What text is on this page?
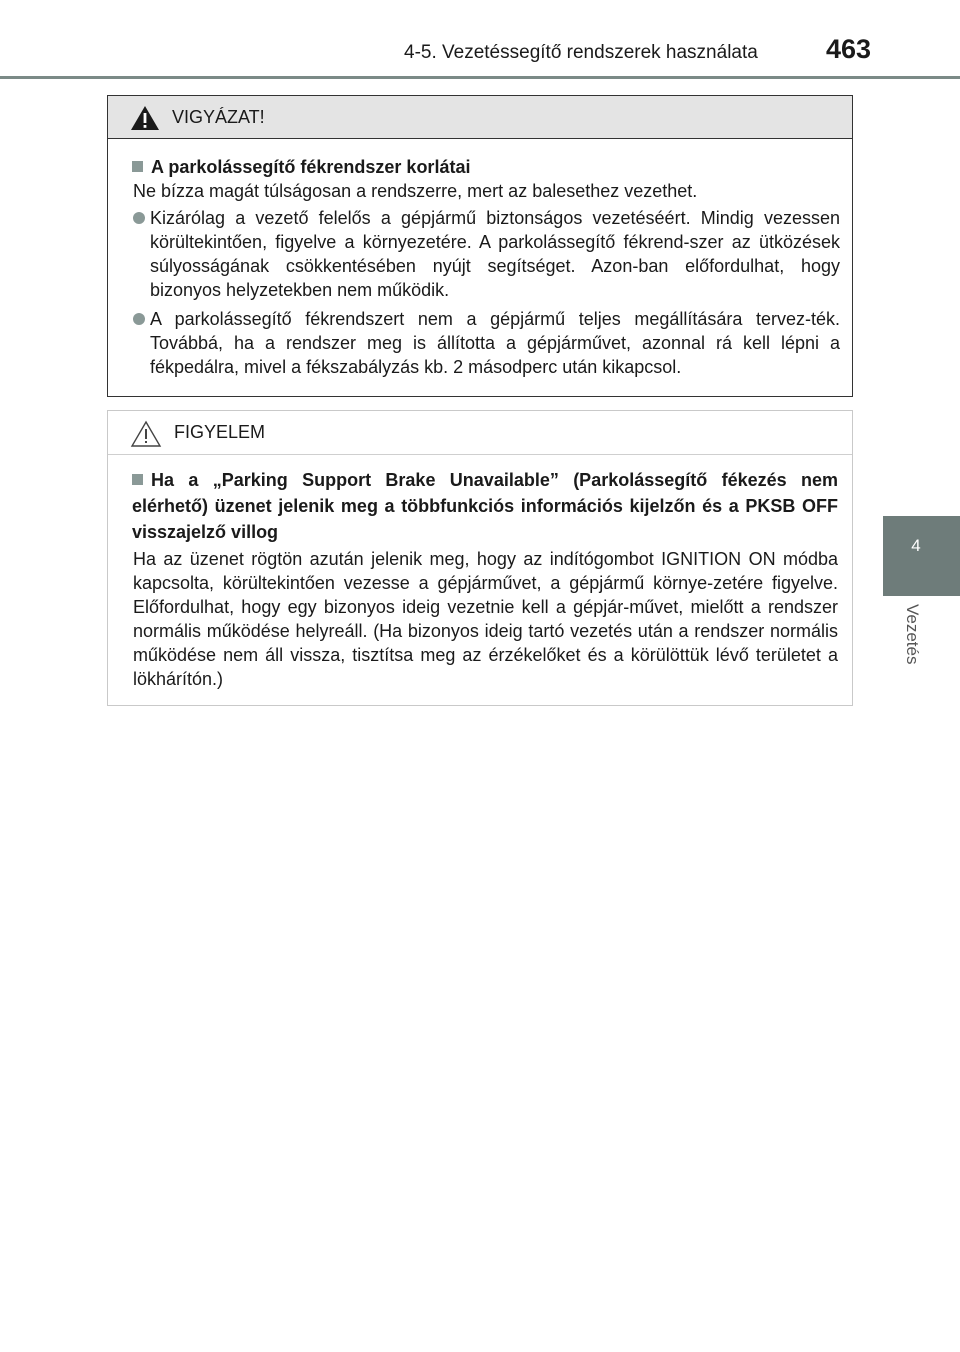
4-5. Vezetéssegítő rendszerek használata	463
4
Vezetés
VIGYÁZAT!
A parkolássegítő fékrendszer korlátai
Ne bízza magát túlságosan a rendszerre, mert az balesethez vezethet.
Kizárólag a vezető felelős a gépjármű biztonságos vezetéséért. Mindig vezessen körültekintően, figyelve a környezetére. A parkolássegítő fékrend-szer az ütközések súlyosságának csökkentésében nyújt segítséget. Azon-ban előfordulhat, hogy bizonyos helyzetekben nem működik.
A parkolássegítő fékrendszert nem a gépjármű teljes megállítására tervez-ték. Továbbá, ha a rendszer meg is állította a gépjárművet, azonnal rá kell lépni a fékpedálra, mivel a fékszabályzás kb. 2 másodperc után kikapcsol.
FIGYELEM
Ha a „Parking Support Brake Unavailable” (Parkolássegítő fékezés nem elérhető) üzenet jelenik meg a többfunkciós információs kijelzőn és a PKSB OFF visszajelző villog
Ha az üzenet rögtön azután jelenik meg, hogy az indítógombot IGNITION ON módba kapcsolta, körültekintően vezesse a gépjárművet, a gépjármű környe-zetére figyelve. Előfordulhat, hogy egy bizonyos ideig vezetnie kell a gépjár-művet, mielőtt a rendszer normális működése helyreáll. (Ha bizonyos ideig tartó vezetés után a rendszer normális működése nem áll vissza, tisztítsa meg az érzékelőket és a körülöttük lévő területet a lökhárítón.)
